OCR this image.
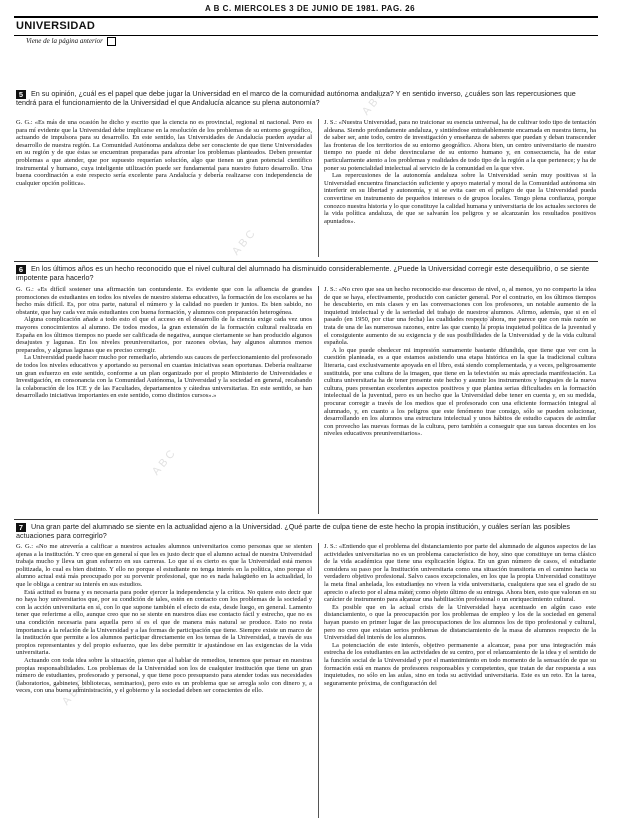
A B C. MIERCOLES 3 DE JUNIO DE 1981. PAG. 26
UNIVERSIDAD
Viene de la página anterior
5 En su opinión, ¿cuál es el papel que debe jugar la Universidad en el marco de la comunidad autónoma andaluza? Y en sentido inverso, ¿cuáles son las repercusiones que tendrá para el funcionamiento de la Universidad el que Andalucía alcance su plena autonomía?

G. G.: «Es más de una ocasión he dicho y escrito que la ciencia no es provincial, regional ni nacional. Pero es para mí evidente que la Universidad debe implicarse en la resolución de los problemas de su entorno geográfico, actuando de impulsora para su desarrollo. En este sentido, las Universidades de Andalucía pueden ayudar al desarrollo de nuestra región. La Comunidad Autónoma andaluza debe ser consciente de que tiene Universidades en su región y de que éstas se encuentran preparadas para afrontar los problemas planteados. Deben presentar problemas a que atender, que por supuesto requerían solución, algo que tienen un gran potencial científico instrumental y humano, cuya inteligente utilización puede ser fundamental para nuestro futuro desarrollo. Una buena coordinación a este respecto sería excelente para Andalucía y debería realizarse con independencia de cualquier opción política».

J. S.: «Nuestra Universidad, para no traicionar su esencia universal, ha de cultivar todo tipo de tentación aldeana. Siendo profundamente andaluza, y sintiéndose entrañablemente encarnada en nuestra tierra, ha de saber ser, ante todo, centro de investigación y enseñanza de saberes que puedan y deban transcender las fronteras de los territorios de su entorno geográfico. Ahora bien, un centro universitario de nuestro tiempo no puede ni debe desvincularse de su entorno humano y, en consecuencia, ha de estar particularmente atento a los problemas y realidades de todo tipo de la región a la que pertenece; y ha de poner su potencialidad intelectual al servicio de la comunidad en la que vive.

Las repercusiones de la autonomía andaluza sobre la Universidad serán muy positivas si la Universidad encuentra financiación suficiente y apoyo material y moral de la Comunidad autónoma sin interferir en su libertad y autonomía, y si se evita caer en el peligro de que la Universidad pueda convertirse en instrumento de pequeños intereses o de grupos locales. Tengo plena confianza, porque conozco nuestra historia y lo que constituye la calidad humana y universitaria de los actuales sectores de la vida política andaluza, de que se salvarán los peligros y se alcanzarán los resultados positivos apuntados».

6 En los últimos años es un hecho reconocido que el nivel cultural del alumnado ha disminuido considerablemente. ¿Puede la Universidad corregir este desequilibrio, o se siente impotente para hacerlo?

G. G.: «Es difícil sostener una afirmación tan contundente. Es evidente que con la afluencia de grandes promociones de estudiantes en todos los niveles de nuestro sistema educativo, la formación de los escolares se ha hecho más difícil. Es, por otra parte, natural el número y la calidad no pueden ir juntos. Es bien sabido, no obstante, que hay cada vez más estudiantes con buena formación, y alumnos con preparación heterogénea.

Alguna complicación añade a todo esto el que el acceso en el desarrollo de la ciencia exige cada vez unos mayores conocimientos al alumno. De todos modos, la gran extensión de la formación cultural realizada en España en los últimos tiempos no puede ser calificada de negativa, aunque ciertamente se han producido algunos desajustes y lagunas. En los niveles preuniversitarios, por razones obvias, hay algunos alumnos menos preparados, y algunas lagunas que es preciso corregir.

La Universidad puede hacer mucho por remediarlo, abriendo sus cauces de perfeccionamiento del profesorado de todos los niveles educativos y aportando su personal en cuantas iniciativas sean oportunas. Debería realizarse un gran esfuerzo en este sentido, conforme a un plan organizado por el propio Ministerio de Universidades e Investigación, en consonancia con la Comunidad Autónoma, la Universidad y la sociedad en general, recabando la colaboración de los ICE y de las Facultades, departamentos y cátedras universitarias. En este sentido, se han desarrollado iniciativas importantes en este sentido, como distintos cursos».»

J. S.: «No creo que sea un hecho reconocido ese descenso de nivel, o, al menos, yo no comparto la idea de que se haya, efectivamente, producido con carácter general. Por el contrario, en los últimos tiempos he descubierto, en mis clases y en las conversaciones con los profesores, un notable aumento de la inquietud intelectual y de la seriedad del trabajo de nuestros alumnos. Afirmo, además, que si en el pasado (en 1950, por citar una fecha) las cualidades respecto ahora, me parece que con más razón se trata de una de las numerosas razones, entre las que cuento la propia inquietud política de la juventud y el consiguiente aumento de su exigencia y de sus posibilidades de la Universidad y de la vida cultural española.

A lo que puede obedecer mi impresión sumamente bastante difundida, que tiene que ver con la cuestión planteada, es a que estamos asistiendo una etapa histórica en la que la tradicional cultura literaria, casi exclusivamente apoyada en el libro, está siendo complementada, y a veces, peligrosamente sustituida, por una cultura de la imagen, que tiene en la televisión su más apreciada manifestación. La cultura universitaria ha de tener presente este hecho y asumir los instrumentos y lenguajes de la nueva cultura, pues presentan excelentes aspectos positivos y que plantea serias dificultades en la formación intelectual de la juventud, pero es un hecho que la Universidad debe tener en cuenta y, en su medida, procurar corregir a través de los medios que el profesorado con una eficiente formación integral al alumnado, y, en cuanto a los peligros que este fenómeno trae consigo, sólo se pueden solucionar, desarrollando en los alumnos una estructura intelectual y unos hábitos de estudio capaces de asimilar con provecho las nuevas formas de la cultura, pero también a conseguir que sus tareas docentes en los niveles educativos preuniversitarios».

7 Una gran parte del alumnado se siente en la actualidad ajeno a la Universidad. ¿Qué parte de culpa tiene de este hecho la propia institución, y cuáles serían las posibles actuaciones para corregirlo?

G. G.: «No me atrevería a calificar a nuestros actuales alumnos universitarios como personas que se sienten ajenas a la institución. Y creo que en general sí que les es justo decir que el alumno actual de nuestra Universidad trabaja mucho y lleva un gran esfuerzo en sus carreras. Lo que sí es cierto es que la Universidad está menos politizada, lo cual es bien distinto. Y ello no porque el estudiante no tenga interés en la política, sino porque el alumno actual está más preocupado por su porvenir profesional, que no es nada halagüeño en la actualidad, lo que le obliga a centrar su interés en sus estudios.

Está actitud es buena y es necesaria para poder ejercer la independencia y la crítica. No quiere esto decir que no haya hoy universitarios que, por su condición de tales, estén en contacto con los problemas de la sociedad y con la acción universitaria en sí, con lo que supone también el efecto de esta, desde luego, en general. Lamento tener que referirme a ello, aunque creo que no se siente en nuestros días ese contacto fácil y estrecho, que no es una condición necesaria para aquella pero sí es el que de manera más natural se produce. Esto no resta importancia a la relación de la Universidad y a las formas de participación que tiene. Siempre existe un marco de la institución que permite a los alumnos participar directamente en los temas de la Universidad, a través de sus propios representantes y del propio esfuerzo, que les debe permitir ir ajustándose en las exigencias de la vida universitaria.

Actuando con toda idea sobre la situación, pienso que al hablar de remedios, tenemos que pensar en nuestras propias responsabilidades. Los problemas de la Universidad son los de cualquier institución que tiene un gran número de estudiantes, profesorado y personal, y que tiene poco presupuesto para atender todas sus necesidades (laboratorios, gabinetes, bibliotecas, seminarios), pero esto es un problema que se arregla solo con dinero y, a veces, con una buena administración, y el gobierno y la sociedad deben ser conscientes de ello.

J. S.: «Entiendo que el problema del distanciamiento por parte del alumnado de algunos aspectos de las actividades universitarias no es un problema característico de hoy, sino que constituye un tema clásico de la vida académica que tiene una explicación lógica. En un gran número de casos, el estudiante considera su paso por la Institución universitaria como una situación transitoria en el camino hacia su verdadero objetivo profesional. Salvo casos excepcionales, en los que la propia Universidad constituye la meta final anhelada, los estudiantes no viven la vida universitaria, cualquiera que sea el grado de su aprecio o afecto por el alma máter, como objeto último de su entrega. Ahora bien, esto que valoran en su carácter de instrumento para alcanzar una habilitación profesional o un enriquecimiento cultural.

Es posible que en la actual crisis de la Universidad haya acentuado en algún caso este distanciamiento, o que la preocupación por los problemas de empleo y los de la sociedad en general hayan puesto en primer lugar de las preocupaciones de los alumnos los de tipo profesional y cultural, pero no creo que existan serios problemas de distanciamiento de la masa de alumnos respecto de la Universidad del interés de los alumnos.

La potenciación de este interés, objetivo permanente a alcanzar, pasa por una integración más estrecha de los estudiantes en las actividades de su centro, por el relanzamiento de la idea y el sentido de la función social de la Universidad y por el mantenimiento en todo momento de la sensación de que su formación está en manos de profesores responsables y competentes, que tratan de dar respuesta a sus inquietudes, no sólo en las aulas, sino en toda su actividad universitaria. Este es un reto. En la tarea, seguramente próxima, de configuración del

ABC
ABC
ABC
ABC
ABC
ABC
